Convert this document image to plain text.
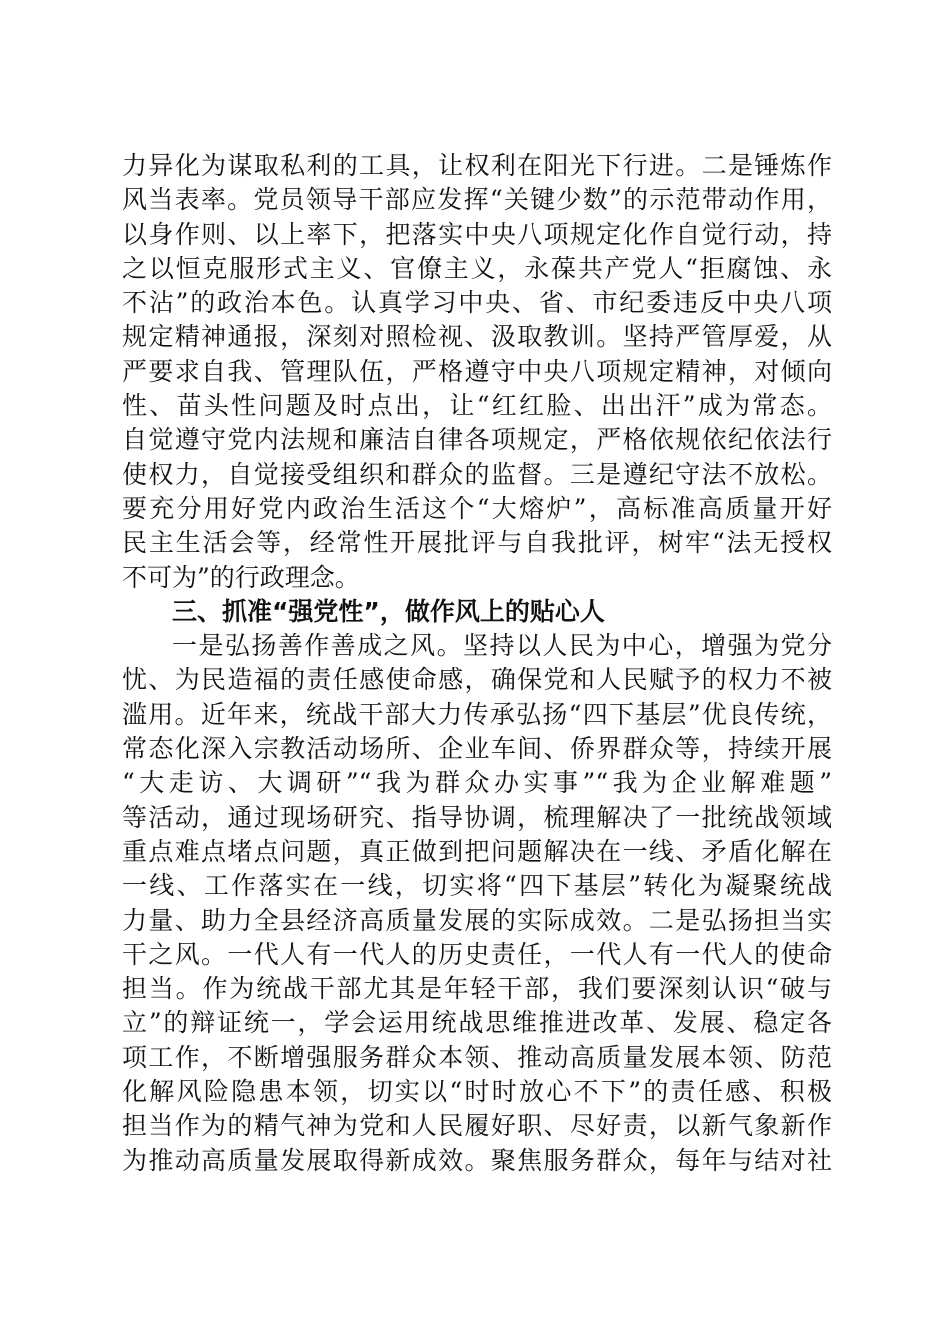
力异化为谋取私利的工具，让权利在阳光下行进。二是锤炼作
风当表率。党员领导干部应发挥“关键少数”的示范带动作用，
以身作则、以上率下，把落实中央八项规定化作自觉行动，持
之以恒克服形式主义、官僚主义，永葆共产党人“拒腐蚀、永
不沾”的政治本色。认真学习中央、省、市纪委违反中央八项
规定精神通报，深刻对照检视、汲取教训。坚持严管厚爱，从
严要求自我、管理队伍，严格遵守中央八项规定精神，对倾向
性、苗头性问题及时点出，让“红红脸、出出汗”成为常态。
自觉遵守党内法规和廉洁自律各项规定，严格依规依纪依法行
使权力，自觉接受组织和群众的监督。三是遵纪守法不放松。
要充分用好党内政治生活这个“大熔炉”，高标准高质量开好
民主生活会等，经常性开展批评与自我批评，树牢“法无授权
不可为”的行政理念。
三、抓准“强党性”，做作风上的贴心人
一是弘扬善作善成之风。坚持以人民为中心，增强为党分
忧、为民造福的责任感使命感，确保党和人民赋予的权力不被
滥用。近年来，统战干部大力传承弘扬“四下基层”优良传统，
常态化深入宗教活动场所、企业车间、侨界群众等，持续开展
“大走访、大调研”“我为群众办实事”“我为企业解难题”
等活动，通过现场研究、指导协调，梳理解决了一批统战领域
重点难点堵点问题，真正做到把问题解决在一线、矛盾化解在
一线、工作落实在一线，切实将“四下基层”转化为凝聚统战
力量、助力全县经济高质量发展的实际成效。二是弘扬担当实
干之风。一代人有一代人的历史责任，一代人有一代人的使命
担当。作为统战干部尤其是年轻干部，我们要深刻认识“破与
立”的辩证统一，学会运用统战思维推进改革、发展、稳定各
项工作，不断增强服务群众本领、推动高质量发展本领、防范
化解风险隐患本领，切实以“时时放心不下”的责任感、积极
担当作为的精气神为党和人民履好职、尽好责，以新气象新作
为推动高质量发展取得新成效。聚焦服务群众，每年与结对社
